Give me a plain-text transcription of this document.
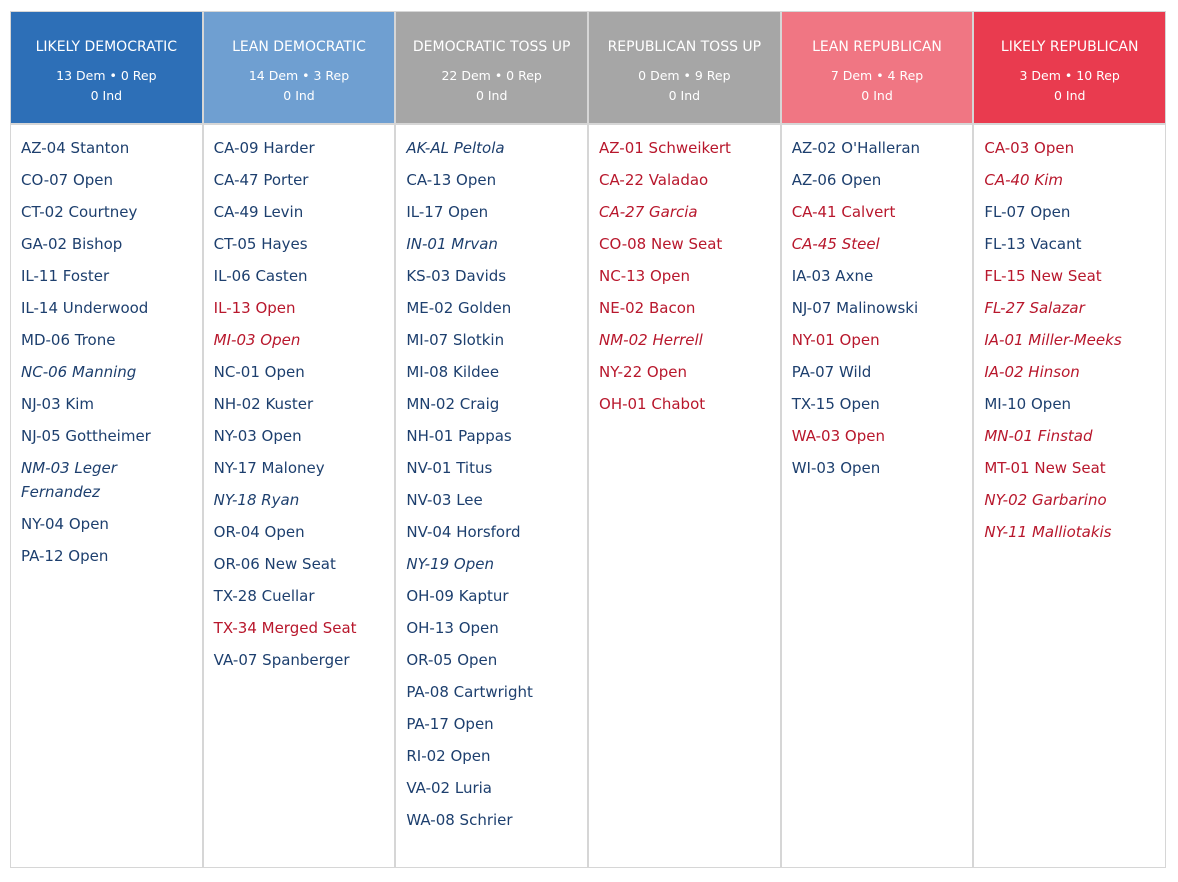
LIKELY DEMOCRATIC
13 Dem • 0 Rep
0 Ind
AZ-04 Stanton
CO-07 Open
CT-02 Courtney
GA-02 Bishop
IL-11 Foster
IL-14 Underwood
MD-06 Trone
NC-06 Manning
NJ-03 Kim
NJ-05 Gottheimer
NM-03 Leger Fernandez
NY-04 Open
PA-12 Open
LEAN DEMOCRATIC
14 Dem • 3 Rep
0 Ind
CA-09 Harder
CA-47 Porter
CA-49 Levin
CT-05 Hayes
IL-06 Casten
IL-13 Open
MI-03 Open
NC-01 Open
NH-02 Kuster
NY-03 Open
NY-17 Maloney
NY-18 Ryan
OR-04 Open
OR-06 New Seat
TX-28 Cuellar
TX-34 Merged Seat
VA-07 Spanberger
DEMOCRATIC TOSS UP
22 Dem • 0 Rep
0 Ind
AK-AL Peltola
CA-13 Open
IL-17 Open
IN-01 Mrvan
KS-03 Davids
ME-02 Golden
MI-07 Slotkin
MI-08 Kildee
MN-02 Craig
NH-01 Pappas
NV-01 Titus
NV-03 Lee
NV-04 Horsford
NY-19 Open
OH-09 Kaptur
OH-13 Open
OR-05 Open
PA-08 Cartwright
PA-17 Open
RI-02 Open
VA-02 Luria
WA-08 Schrier
REPUBLICAN TOSS UP
0 Dem • 9 Rep
0 Ind
AZ-01 Schweikert
CA-22 Valadao
CA-27 Garcia
CO-08 New Seat
NC-13 Open
NE-02 Bacon
NM-02 Herrell
NY-22 Open
OH-01 Chabot
LEAN REPUBLICAN
7 Dem • 4 Rep
0 Ind
AZ-02 O'Halleran
AZ-06 Open
CA-41 Calvert
CA-45 Steel
IA-03 Axne
NJ-07 Malinowski
NY-01 Open
PA-07 Wild
TX-15 Open
WA-03 Open
WI-03 Open
LIKELY REPUBLICAN
3 Dem • 10 Rep
0 Ind
CA-03 Open
CA-40 Kim
FL-07 Open
FL-13 Vacant
FL-15 New Seat
FL-27 Salazar
IA-01 Miller-Meeks
IA-02 Hinson
MI-10 Open
MN-01 Finstad
MT-01 New Seat
NY-02 Garbarino
NY-11 Malliotakis
